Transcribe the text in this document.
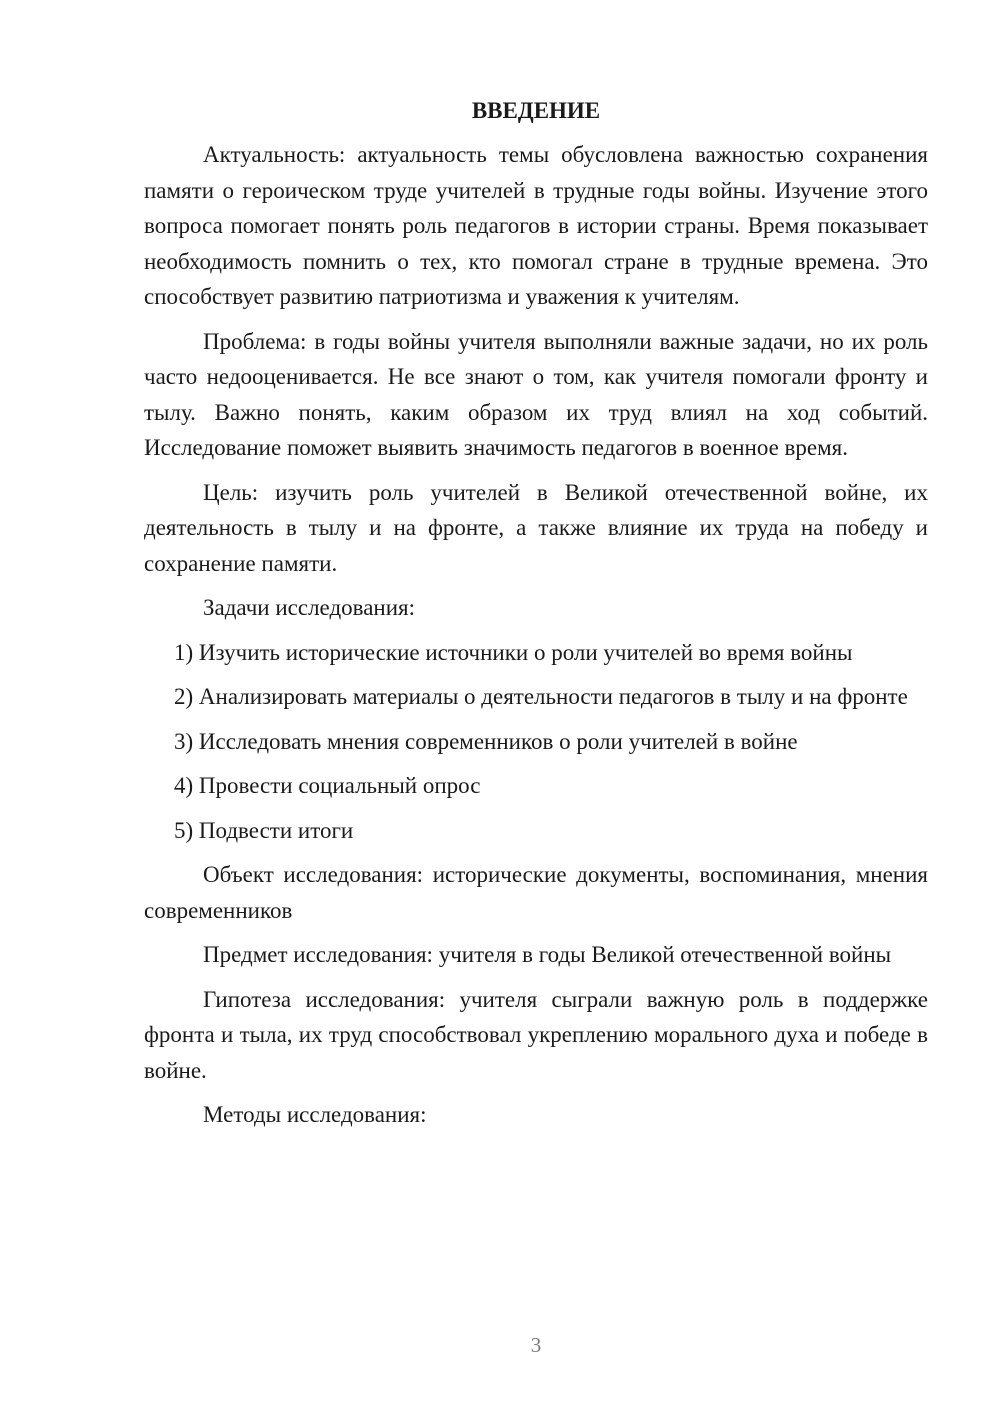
ВВЕДЕНИЕ

Актуальность: актуальность темы обусловлена важностью сохранения памяти о героическом труде учителей в трудные годы войны. Изучение этого вопроса помогает понять роль педагогов в истории страны. Время показывает необходимость помнить о тех, кто помогал стране в трудные времена. Это способствует развитию патриотизма и уважения к учителям.

Проблема: в годы войны учителя выполняли важные задачи, но их роль часто недооценивается. Не все знают о том, как учителя помогали фронту и тылу. Важно понять, каким образом их труд влиял на ход событий. Исследование поможет выявить значимость педагогов в военное время.

Цель: изучить роль учителей в Великой отечественной войне, их деятельность в тылу и на фронте, а также влияние их труда на победу и сохранение памяти.

Задачи исследования:

1) Изучить исторические источники о роли учителей во время войны

2) Анализировать материалы о деятельности педагогов в тылу и на фронте

3) Исследовать мнения современников о роли учителей в войне

4) Провести социальный опрос

5) Подвести итоги

Объект исследования: исторические документы, воспоминания, мнения современников

Предмет исследования: учителя в годы Великой отечественной войны

Гипотеза исследования: учителя сыграли важную роль в поддержке фронта и тыла, их труд способствовал укреплению морального духа и победе в войне.

Методы исследования:

3
